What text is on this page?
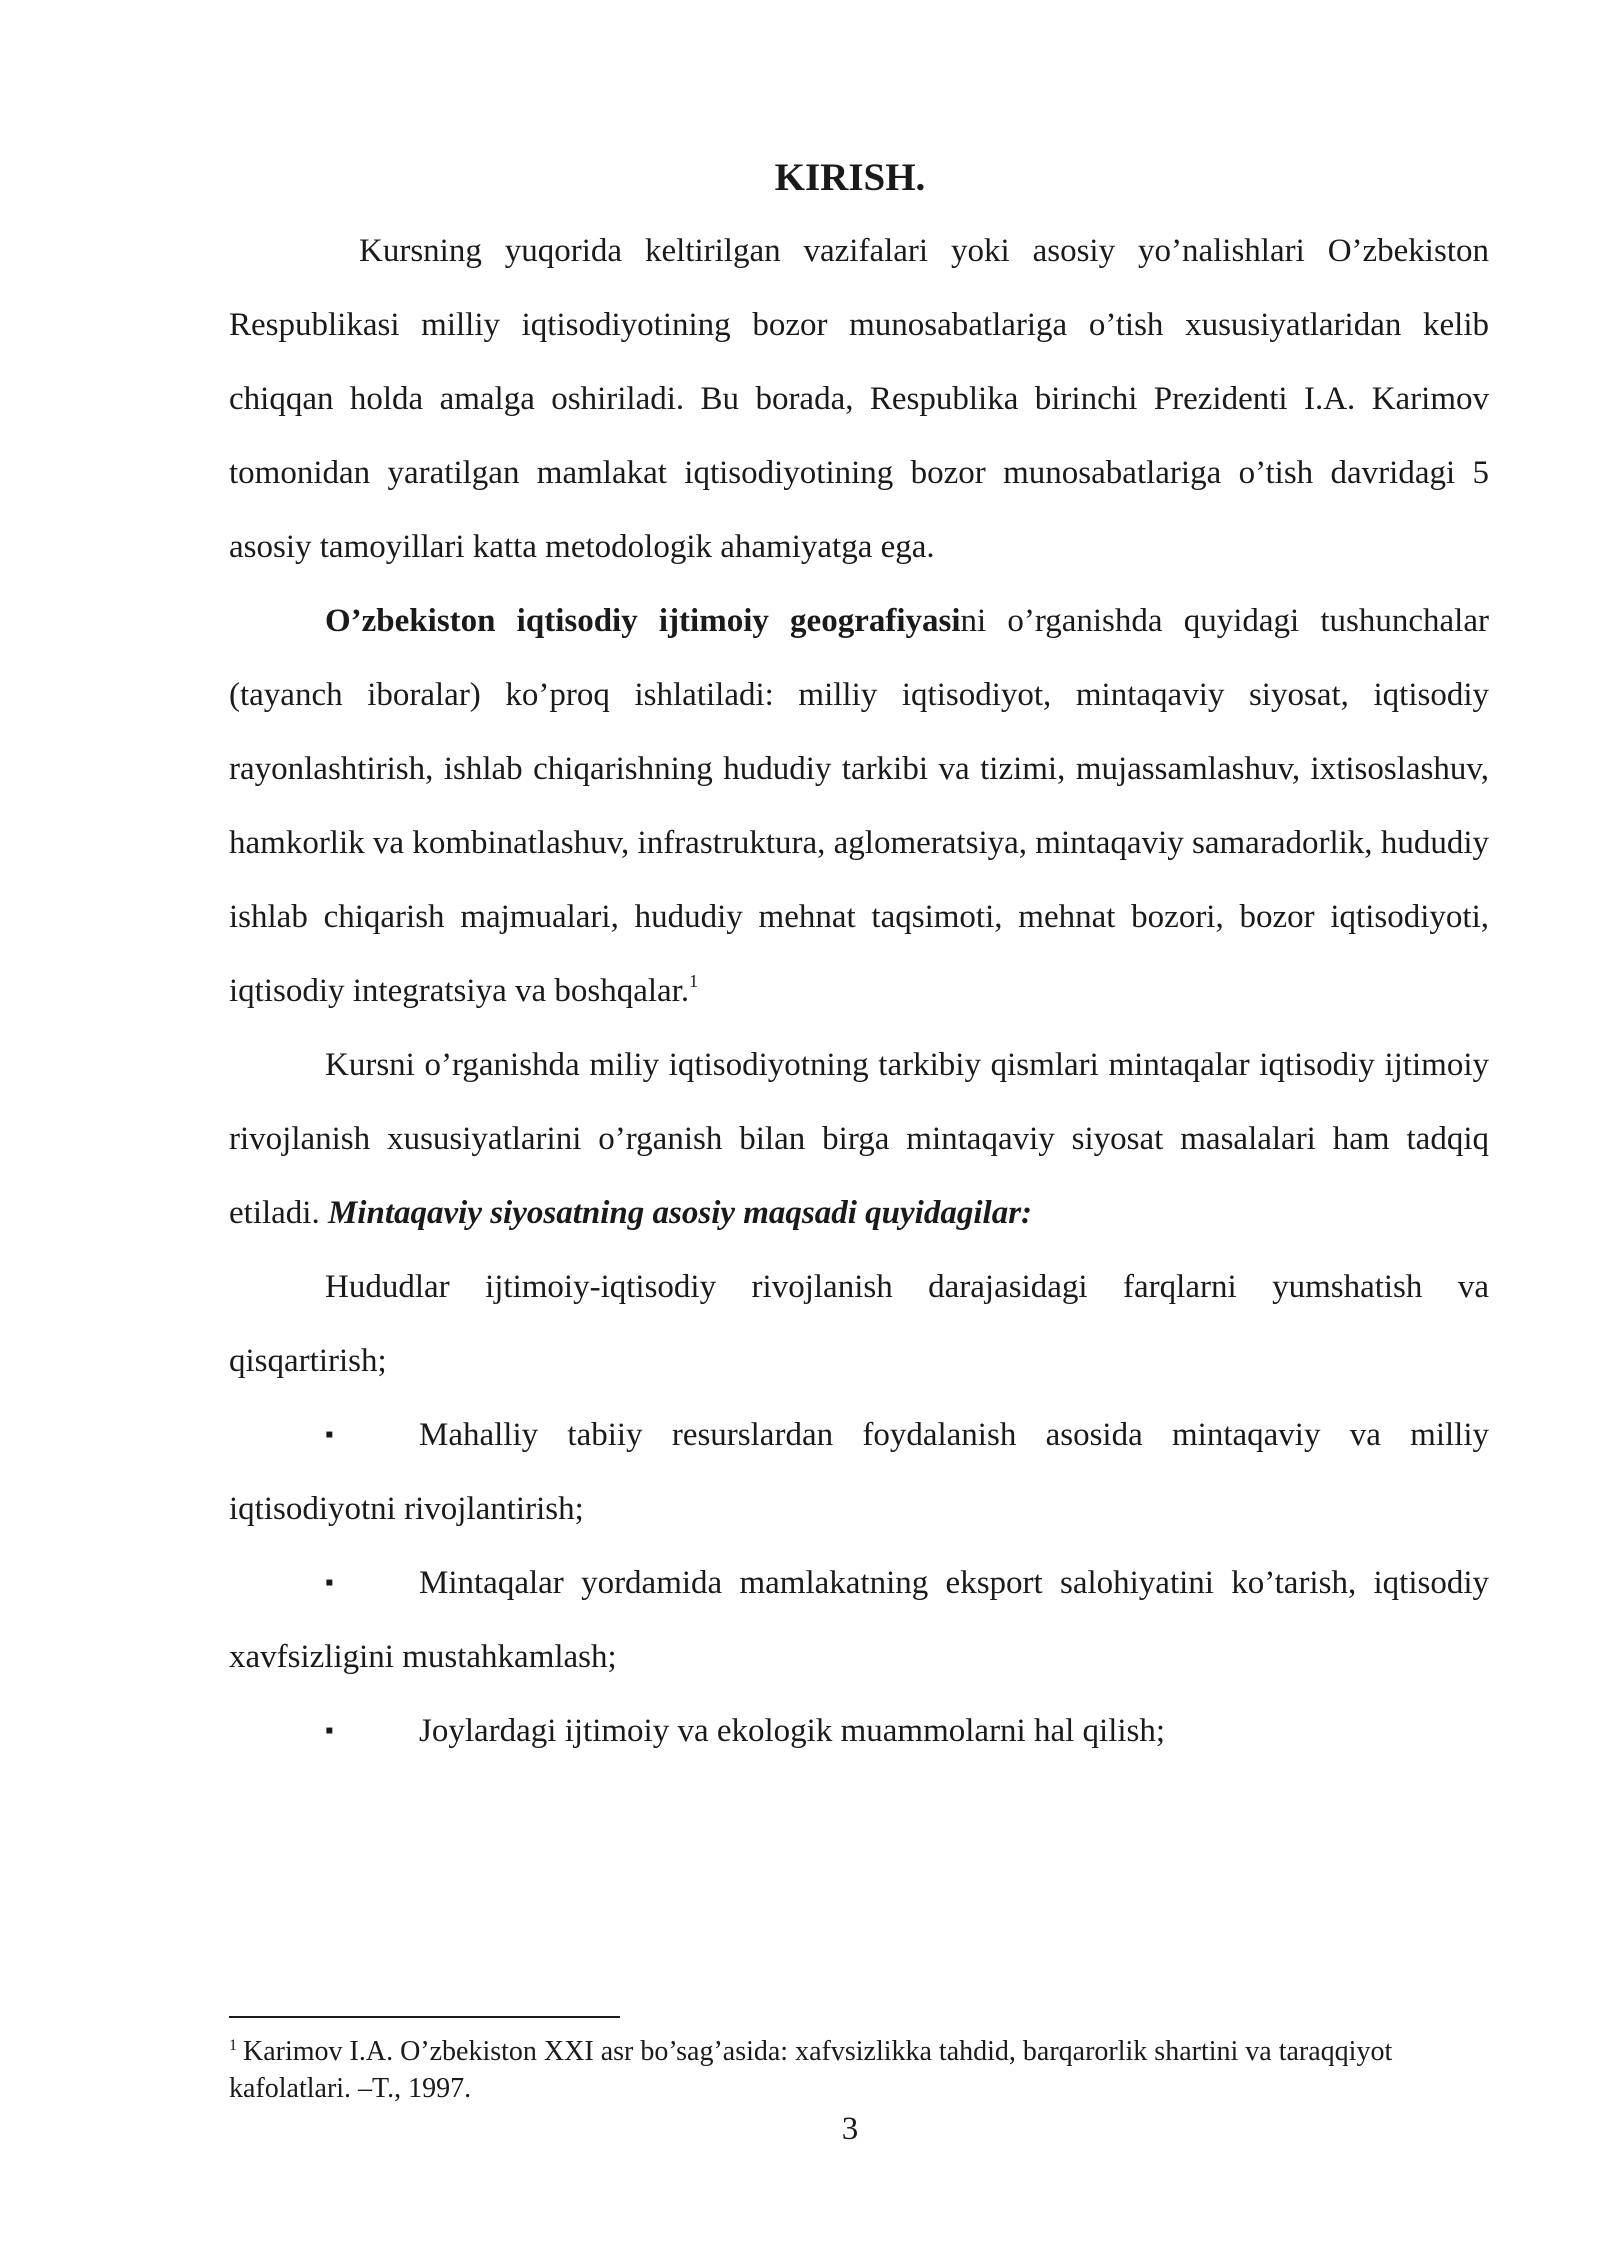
KIRISH.

Kursning yuqorida keltirilgan vazifalari yoki asosiy yo’nalishlari O’zbekiston Respublikasi milliy iqtisodiyotining bozor munosabatlariga o’tish xususiyatlaridan kelib chiqqan holda amalga oshiriladi. Bu borada, Respublika birinchi Prezidenti I.A. Karimov tomonidan yaratilgan mamlakat iqtisodiyotining bozor munosabatlariga o’tish davridagi 5 asosiy tamoyillari katta metodologik ahamiyatga ega.

O’zbekiston iqtisodiy ijtimoiy geografiyasini o’rganishda quyidagi tushunchalar (tayanch iboralar) ko’proq ishlatiladi: milliy iqtisodiyot, mintaqaviy siyosat, iqtisodiy rayonlashtirish, ishlab chiqarishning hududiy tarkibi va tizimi, mujassamlashuv, ixtisoslashuv, hamkorlik va kombinatlashuv, infrastruktura, aglomeratsiya, mintaqaviy samaradorlik, hududiy ishlab chiqarish majmualari, hududiy mehnat taqsimoti, mehnat bozori, bozor iqtisodiyoti, iqtisodiy integratsiya va boshqalar.$^1$

Kursni o’rganishda miliy iqtisodiyotning tarkibiy qismlari mintaqalar iqtisodiy ijtimoiy rivojlanish xususiyatlarini o’rganish bilan birga mintaqaviy siyosat masalalari ham tadqiq etiladi. Mintaqaviy siyosatning asosiy maqsadi quyidagilar:

Hududlar ijtimoiy-iqtisodiy rivojlanish darajasidagi farqlarni yumshatish va qisqartirish;

▪	Mahalliy tabiiy resurslardan foydalanish asosida mintaqaviy va milliy iqtisodiyotni rivojlantirish;

▪	Mintaqalar yordamida mamlakatning eksport salohiyatini ko’tarish, iqtisodiy xavfsizligini mustahkamlash;

▪	Joylardagi ijtimoiy va ekologik muammolarni hal qilish;

$^1$ Karimov I.A. O’zbekiston XXI asr bo’sag’asida: xafvsizlikka tahdid, barqarorlik shartini va taraqqiyot kafolatlari. –T., 1997.
3
